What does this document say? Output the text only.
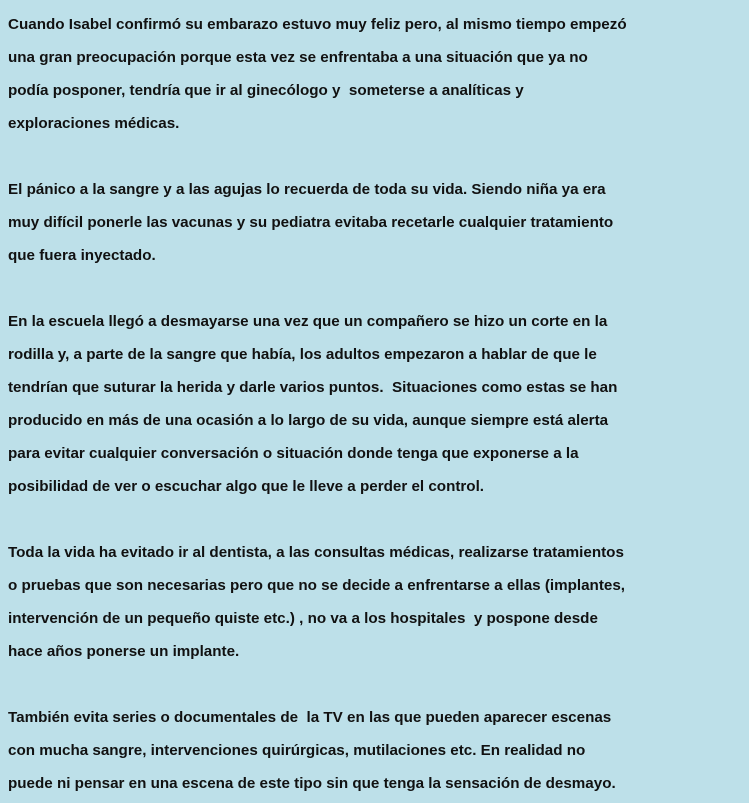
Cuando Isabel confirmó su embarazo estuvo muy feliz pero, al mismo tiempo empezó
una gran preocupación porque esta vez se enfrentaba a una situación que ya no
podía posponer, tendría que ir al ginecólogo y  someterse a analíticas y
exploraciones médicas.
El pánico a la sangre y a las agujas lo recuerda de toda su vida. Siendo niña ya era
muy difícil ponerle las vacunas y su pediatra evitaba recetarle cualquier tratamiento
que fuera inyectado.
En la escuela llegó a desmayarse una vez que un compañero se hizo un corte en la
rodilla y, a parte de la sangre que había, los adultos empezaron a hablar de que le
tendrían que suturar la herida y darle varios puntos.  Situaciones como estas se han
producido en más de una ocasión a lo largo de su vida, aunque siempre está alerta
para evitar cualquier conversación o situación donde tenga que exponerse a la
posibilidad de ver o escuchar algo que le lleve a perder el control.
Toda la vida ha evitado ir al dentista, a las consultas médicas, realizarse tratamientos
o pruebas que son necesarias pero que no se decide a enfrentarse a ellas (implantes,
intervención de un pequeño quiste etc.) , no va a los hospitales  y pospone desde
hace años ponerse un implante.
También evita series o documentales de  la TV en las que pueden aparecer escenas
con mucha sangre, intervenciones quirúrgicas, mutilaciones etc. En realidad no
puede ni pensar en una escena de este tipo sin que tenga la sensación de desmayo.
